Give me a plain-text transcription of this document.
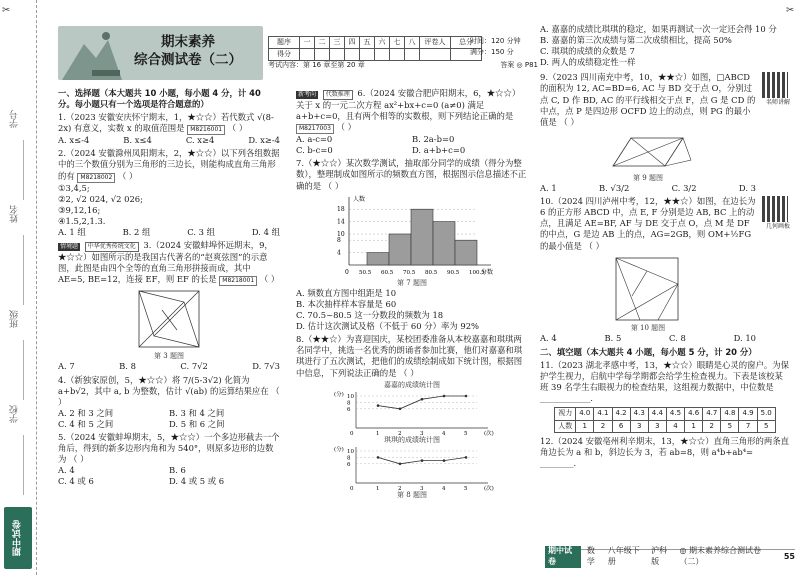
✂
学号
姓名
班级
学校
期中试卷
✂
期末素养
综合测试卷（二）
题序	一	二	三	四	五	六	七	八	评卷人	总分
得分										
时间：120 分钟
满分：150 分
考试内容：第 16 章至第 20 章	答案 ◎ P81
一、选择题（本大题共 10 小题，每小题 4 分，计 40 分。每小题只有一个选项是符合题意的）
1.（2023 安徽安庆怀宁期末，1，★☆☆）若代数式 √(8-2x) 有意义，实数 x 的取值范围是 M8216001 （ ）
A. x≤-4	B. x≤4	C. x≥4	D. x≥-4
2.（2024 安徽滁州凤阳期末，2，★☆☆）以下列各组数据中的三个数值分别为三角形的三边长，则能构成直角三角形的有 M8218002 （ ）
①3,4,5;
②2, √2 024, √2 026;
③9,12,16;
④1.5,2,1.3.
A. 1 组	B. 2 组	C. 3 组	D. 4 组
情境题 中华优秀传统文化 3.（2024 安徽蚌埠怀远期末，9，★☆☆）如图所示的是我国古代著名的“赵爽弦图”的示意图，此图是由四个全等的直角三角形拼接而成，其中 AE=5, BE=12，连接 EF，则 EF 的长是 M8218001 （ ）
第 3 题图
A. 7	B. 8	C. 7√2	D. 7√3
4.（新独家原创，5，★☆☆）将 7/(5-3√2) 化简为 a+b√2，其中 a, b 为整数，估计 √(ab) 的运算结果应在 （ ）
A. 2 和 3 之间	B. 3 和 4 之间
C. 4 和 5 之间	D. 5 和 6 之间
5.（2024 安徽蚌埠期末，5，★☆☆）一个多边形截去一个角后，得到的新多边形内角和为 540°，则原多边形的边数为 （ ）
A. 4	B. 6
C. 4 或 6	D. 4 或 5 或 6
新考向 代数推理 6.（2024 安徽合肥庐阳期末，6，★☆☆）关于 x 的一元二次方程 ax²+bx+c=0 (a≠0) 满足 a+b+c=0，且有两个相等的实数根，则下列结论正确的是 M8217003 （ ）
A. a-c=0	B. 2a-b=0
C. b-c=0	D. a+b+c=0
7.（★☆☆）某次数学测试，抽取部分同学的成绩（得分为整数），整理制成如图所示的频数直方图，根据图示信息描述不正确的是 （ ）
人数
分数
4
8
10
14
18
50.5 60.5 70.5 80.5 90.5 100.5
0
第 7 题图
A. 频数直方图中组距是 10
B. 本次抽样样本容量是 60
C. 70.5~80.5 这一分数段的频数为 18
D. 估计这次测试及格（不低于 60 分）率为 92%
8.（★★☆）为喜迎国庆，某校团委准备从本校嘉嘉和琪琪两名同学中，挑选一名优秀的朗诵者参加比赛，他们对嘉嘉和琪琪进行了五次测试，把他们的成绩绘制成如下统计图，根据图中信息，下列说法正确的是 （ ）
嘉嘉的成绩统计图
(分)
(次)
6
8
10
1	2	3	4	5
0
琪琪的成绩统计图
(分)
(次)
6
8
10
1	2	3	4	5
0
第 8 题图
A. 嘉嘉的成绩比琪琪的稳定，如果再测试一次一定还会得 10 分
B. 嘉嘉的第三次成绩与第二次成绩相比，提高 50%
C. 琪琪的成绩的众数是 7
D. 两人的成绩稳定性一样
9.（2023 四川南充中考，10，★★☆）如图，□ABCD 的面积为 12, AC=BD=6, AC 与 BD 交于点 O，分别过点 C, D 作 BD, AC 的平行线相交于点 F，点 G 是 CD 的中点，点 P 是四边形 OCFD 边上的动点，则 PG 的最小值是 （ ）
名师讲解
第 9 题图
A. 1	B. √3/2	C. 3/2	D. 3
10.（2024 四川泸州中考，12，★★☆）如图，在边长为 6 的正方形 ABCD 中，点 E, F 分别是边 AB, BC 上的动点，且满足 AE=BF, AF 与 DE 交于点 O，点 M 是 DF 的中点，G 是边 AB 上的点，AG=2GB，则 OM+½FG 的最小值是 （ ）
几何画板
第 10 题图
A. 4	B. 5	C. 8	D. 10
二、填空题（本大题共 4 小题，每小题 5 分，计 20 分）
11.（2023 湖北孝感中考，13，★☆☆）眼睛是心灵的窗户。为保护学生视力，启航中学每学期都会给学生检查视力。下表是该校某班 39 名学生右眼视力的检查结果，这组视力数据中，中位数是 ____________.
视力	4.0	4.1	4.2	4.3	4.4	4.5	4.6	4.7	4.8	4.9	5.0
人数	1	2	6	3	3	4	1	2	5	7	5
12.（2024 安徽亳州利辛期末，13，★☆☆）直角三角形的两条直角边长为 a 和 b，斜边长为 3，若 ab=8，则 a⁴b+ab⁴= ________.
期中试卷
数学
八年级下册
沪科版
◎ 期末素养综合测试卷（二）
55
